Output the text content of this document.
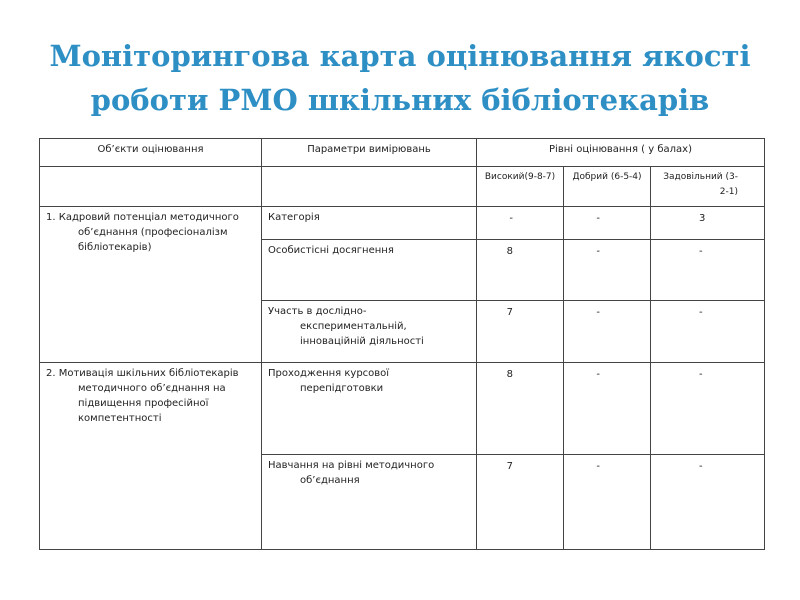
Моніторингова карта оцінювання якості
роботи РМО шкільних бібліотекарів
Об’єкти оцінювання	Параметри вимірювань	Рівні оцінювання ( у балах)		
		Високий(9-8-7)	Добрий (6-5-4)	Задовільний (3-2-1)
1. Кадровий потенціал методичного об’єднання (професіоналізм бібліотекарів)	Категорія	-	-	3
	Особистісні досягнення	8	-	-
	Участь в дослідно-експериментальній, інноваційній діяльності	7	-	-
2. Мотивація шкільних бібліотекарів методичного об’єднання на підвищення професійної компетентності	Проходження курсової перепідготовки	8	-	-
	Навчання на рівні методичного об’єднання	7	-	-
